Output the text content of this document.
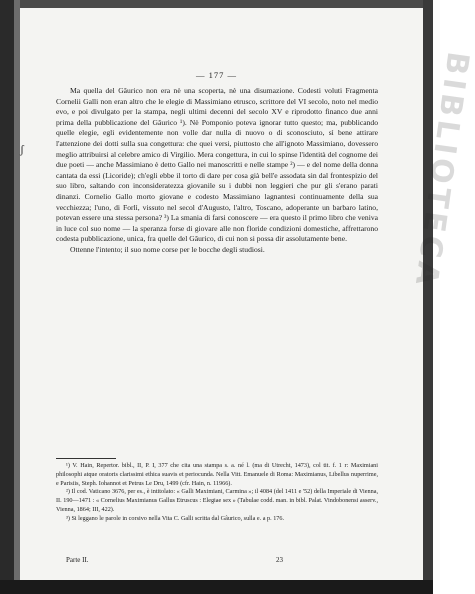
BIBLIOTECA
ʃ
— 177 —

Ma quella del Gâurico non era nè una scoperta, nè una disumazione. Codesti voluti Fragmenta Cornelii Galli non eran altro che le elegie di Massimiano etrusco, scrittore del VI secolo, noto nel medio evo, e poi divulgato per la stampa, negli ultimi decenni del secolo XV e riprodotto financo due anni prima della pubblicazione del Gâurico ¹). Nè Pomponio poteva ignorar tutto questo; ma, pubblicando quelle elegie, egli evidentemente non volle dar nulla di nuovo o di sconosciuto, sì bene attirare l'attenzione dei dotti sulla sua congettura: che quei versi, piuttosto che all'ignoto Massimiano, dovessero meglio attribuirsi al celebre amico di Virgilio. Mera congettura, in cui lo spinse l'identità del cognome dei due poeti — anche Massimiano è detto Gallo nei manoscritti e nelle stampe ²) — e del nome della donna cantata da essi (Licoride); ch'egli ebbe il torto di dare per cosa già bell'e assodata sin dal frontespizio del suo libro, saltando con inconsideratezza giovanile su i dubbi non leggieri che pur gli s'erano parati dinanzi. Cornelio Gallo morto giovane e codesto Massimiano lagnantesi continuamente della sua vecchiezza; l'uno, di Forlì, vissuto nel secol d'Augusto, l'altro, Toscano, adoperante un barbaro latino, potevan essere una stessa persona? ³) La smania di farsi conoscere — era questo il primo libro che veniva in luce col suo nome — la speranza forse di giovare alle non floride condizioni domestiche, affrettarono codesta pubblicazione, unica, fra quelle del Gâurico, di cui non si possa dir assolutamente bene.

Ottenne l'intento; il suo nome corse per le bocche degli studiosi.

¹) V. Hain, Repertor. bibl., II, P. I, 377 che cita una stampa s. a. né l. (ma di Utrecht, 1473), col tit. f. 1 r: Maximiani philosophi atque oratoris clarissimi ethica suavis et periocunda. Nella Vitt. Emanuele di Roma: Maximianus, Libellus nuperrime, e Parisiis, Steph. Iohannot et Petrus Le Dru, 1499 (cfr. Hain, n. 11966).

²) Il cod. Vaticano 3676, per es., è intitolato: « Galli Maximiani, Carmina »; il 4084 (del 1411 e '52) della Imperiale di Vienna, II. 190—1471 : « Cornelius Maximianus Gallus Etruscus : Elegiae sex » (Tabulae codd. man. in bibl. Palat. Vindobonensi asserv., Vienna, 1864; III, 422).

³) Si leggano le parole in corsivo nella Vita C. Galli scritta dal Gâurico, sulla e. a p. 176.

Parte II.	23
